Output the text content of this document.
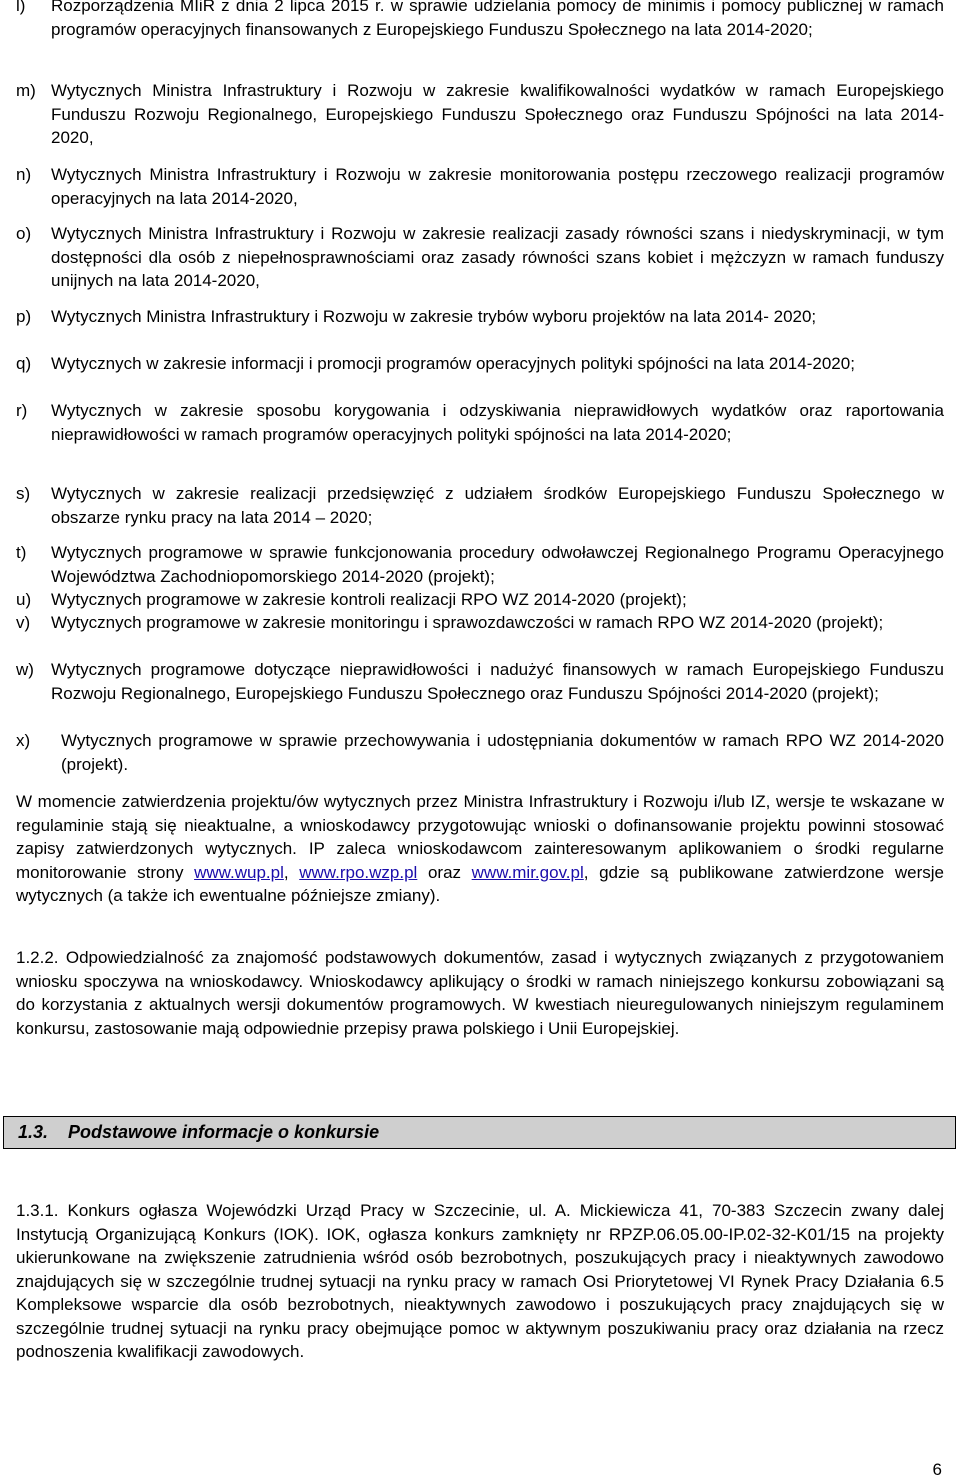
l)	Rozporządzenia MIiR z dnia 2 lipca 2015 r. w sprawie udzielania pomocy de minimis i pomocy publicznej w ramach programów operacyjnych finansowanych z Europejskiego Funduszu Społecznego na lata 2014-2020;
m) Wytycznych Ministra Infrastruktury i Rozwoju w zakresie kwalifikowalności wydatków w ramach Europejskiego Funduszu Rozwoju Regionalnego, Europejskiego Funduszu Społecznego oraz Funduszu Spójności na lata 2014-2020,
n)	Wytycznych Ministra Infrastruktury i Rozwoju w zakresie monitorowania postępu rzeczowego realizacji programów operacyjnych na lata 2014-2020,
o)	Wytycznych Ministra Infrastruktury i Rozwoju w zakresie realizacji zasady równości szans i niedyskryminacji, w tym dostępności dla osób z niepełnosprawnościami oraz zasady równości szans kobiet i mężczyzn w ramach funduszy unijnych na lata 2014-2020,
p)	Wytycznych Ministra Infrastruktury i Rozwoju w zakresie trybów wyboru projektów na lata 2014- 2020;
q)	Wytycznych w zakresie informacji i promocji programów operacyjnych polityki spójności na lata 2014-2020;
r)	Wytycznych w zakresie sposobu korygowania i odzyskiwania nieprawidłowych wydatków oraz raportowania nieprawidłowości w ramach programów operacyjnych polityki spójności na lata 2014-2020;
s)	Wytycznych w zakresie realizacji przedsięwzięć z udziałem środków Europejskiego Funduszu Społecznego w obszarze rynku pracy na lata 2014 – 2020;
t)	Wytycznych programowe w sprawie funkcjonowania procedury odwoławczej Regionalnego Programu Operacyjnego Województwa Zachodniopomorskiego 2014-2020 (projekt);
u)	Wytycznych programowe w zakresie kontroli realizacji RPO WZ 2014-2020 (projekt);
v)	Wytycznych programowe w zakresie monitoringu i sprawozdawczości w ramach RPO WZ 2014-2020 (projekt);
w)	Wytycznych programowe dotyczące nieprawidłowości i nadużyć finansowych w ramach Europejskiego Funduszu Rozwoju Regionalnego, Europejskiego Funduszu Społecznego oraz Funduszu Spójności 2014-2020 (projekt);
x)	Wytycznych programowe w sprawie przechowywania i udostępniania dokumentów w ramach RPO WZ 2014-2020 (projekt).

W momencie zatwierdzenia projektu/ów wytycznych przez Ministra Infrastruktury i Rozwoju i/lub IZ, wersje te wskazane w regulaminie stają się nieaktualne, a wnioskodawcy przygotowując wnioski o dofinansowanie projektu powinni stosować zapisy zatwierdzonych wytycznych. IP zaleca wnioskodawcom zainteresowanym aplikowaniem o środki regularne monitorowanie strony www.wup.pl, www.rpo.wzp.pl oraz www.mir.gov.pl, gdzie są publikowane zatwierdzone wersje wytycznych (a także ich ewentualne późniejsze zmiany).

1.2.2. Odpowiedzialność za znajomość podstawowych dokumentów, zasad i wytycznych związanych z przygotowaniem wniosku spoczywa na wnioskodawcy. Wnioskodawcy aplikujący o środki w ramach niniejszego konkursu zobowiązani są do korzystania z aktualnych wersji dokumentów programowych. W kwestiach nieuregulowanych niniejszym regulaminem konkursu, zastosowanie mają odpowiednie przepisy prawa polskiego i Unii Europejskiej.

1.3.1. Konkurs ogłasza Wojewódzki Urząd Pracy w Szczecinie, ul. A. Mickiewicza 41, 70-383 Szczecin zwany dalej Instytucją Organizującą Konkurs (IOK). IOK, ogłasza konkurs zamknięty nr RPZP.06.05.00-IP.02-32-K01/15 na projekty ukierunkowane na zwiększenie zatrudnienia wśród osób bezrobotnych, poszukujących pracy i nieaktywnych zawodowo znajdujących się w szczególnie trudnej sytuacji na rynku pracy w ramach Osi Priorytetowej VI Rynek Pracy Działania 6.5 Kompleksowe wsparcie dla osób bezrobotnych, nieaktywnych zawodowo i poszukujących pracy znajdujących się w szczególnie trudnej sytuacji na rynku pracy obejmujące pomoc w aktywnym poszukiwaniu pracy oraz działania na rzecz podnoszenia kwalifikacji zawodowych.

1.3.	Podstawowe informacje o konkursie
6
